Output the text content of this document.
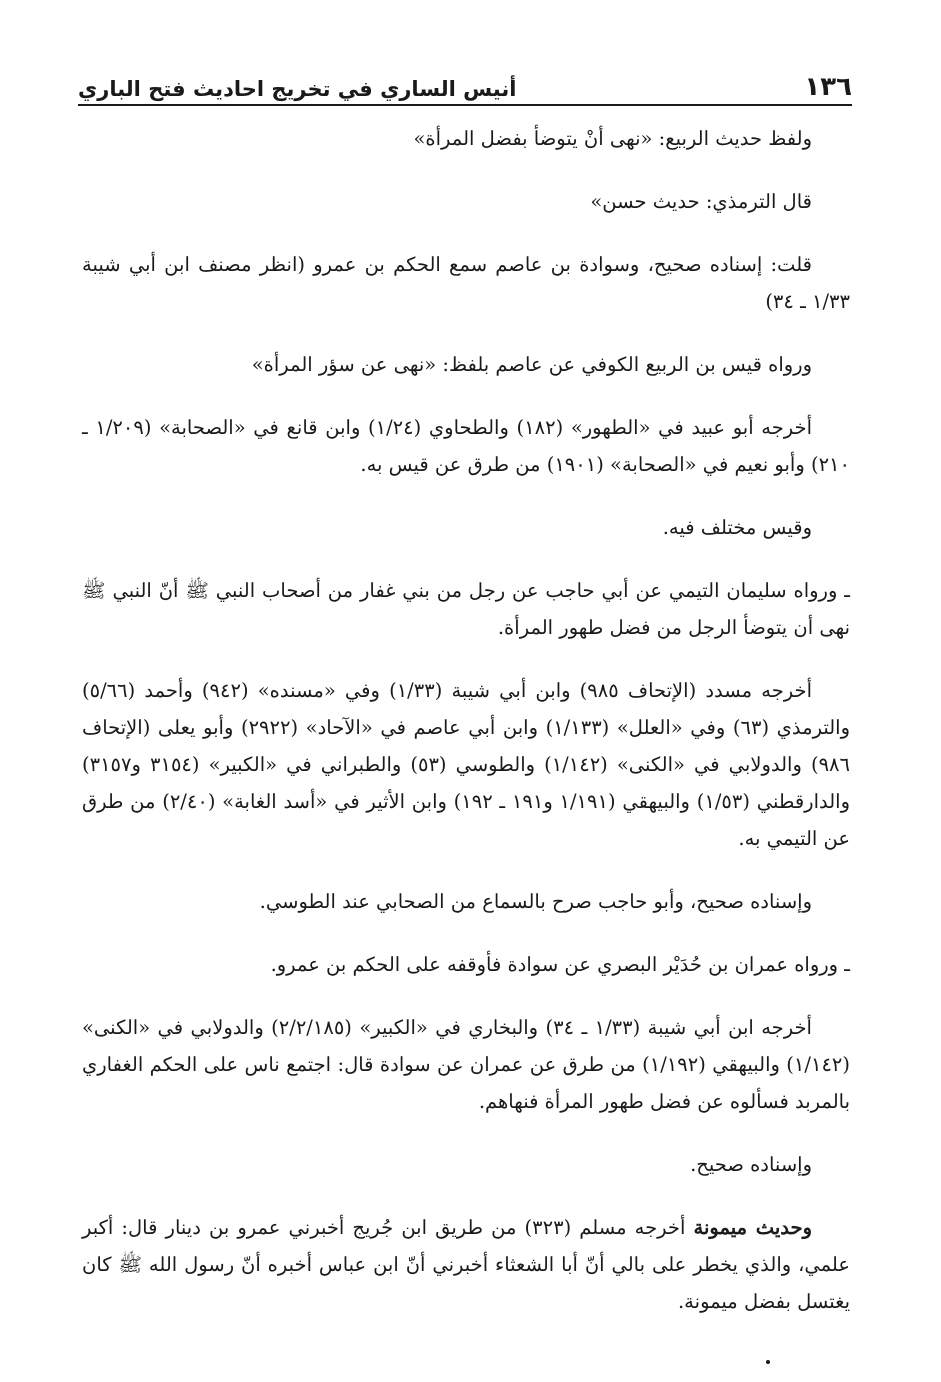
١٣٦
أنيس الساري في تخريج احاديث فتح الباري

ولفظ حديث الربيع: «نهى أنْ يتوضأ بفضل المرأة»

قال الترمذي: حديث حسن»

قلت: إسناده صحيح، وسوادة بن عاصم سمع الحكم بن عمرو (انظر مصنف ابن أبي شيبة ١/٣٣ ـ ٣٤)

ورواه قيس بن الربيع الكوفي عن عاصم بلفظ: «نهى عن سؤر المرأة»

أخرجه أبو عبيد في «الطهور» (١٨٢) والطحاوي (١/٢٤) وابن قانع في «الصحابة» (١/٢٠٩ ـ ٢١٠) وأبو نعيم في «الصحابة» (١٩٠١) من طرق عن قيس به.

وقيس مختلف فيه.

ـ ورواه سليمان التيمي عن أبي حاجب عن رجل من بني غفار من أصحاب النبي ﷺ أنّ النبي ﷺ نهى أن يتوضأ الرجل من فضل طهور المرأة.

أخرجه مسدد (الإتحاف ٩٨٥) وابن أبي شيبة (١/٣٣) وفي «مسنده» (٩٤٢) وأحمد (٥/٦٦) والترمذي (٦٣) وفي «العلل» (١/١٣٣) وابن أبي عاصم في «الآحاد» (٢٩٢٢) وأبو يعلى (الإتحاف ٩٨٦) والدولابي في «الكنى» (١/١٤٢) والطوسي (٥٣) والطبراني في «الكبير» (٣١٥٤ و٣١٥٧) والدارقطني (١/٥٣) والبيهقي (١/١٩١ و١٩١ ـ ١٩٢) وابن الأثير في «أسد الغابة» (٢/٤٠) من طرق عن التيمي به.

وإسناده صحيح، وأبو حاجب صرح بالسماع من الصحابي عند الطوسي.

ـ ورواه عمران بن حُدَيْر البصري عن سوادة فأوقفه على الحكم بن عمرو.

أخرجه ابن أبي شيبة (١/٣٣ ـ ٣٤) والبخاري في «الكبير» (٢/٢/١٨٥) والدولابي في «الكنى» (١/١٤٢) والبيهقي (١/١٩٢) من طرق عن عمران عن سوادة قال: اجتمع ناس على الحكم الغفاري بالمربد فسألوه عن فضل طهور المرأة فنهاهم.

وإسناده صحيح.

وحديث ميمونة أخرجه مسلم (٣٢٣) من طريق ابن جُريج أخبرني عمرو بن دينار قال: أكبر علمي، والذي يخطر على بالي أنّ أبا الشعثاء أخبرني أنّ ابن عباس أخبره أنّ رسول الله ﷺ كان يغتسل بفضل ميمونة.
